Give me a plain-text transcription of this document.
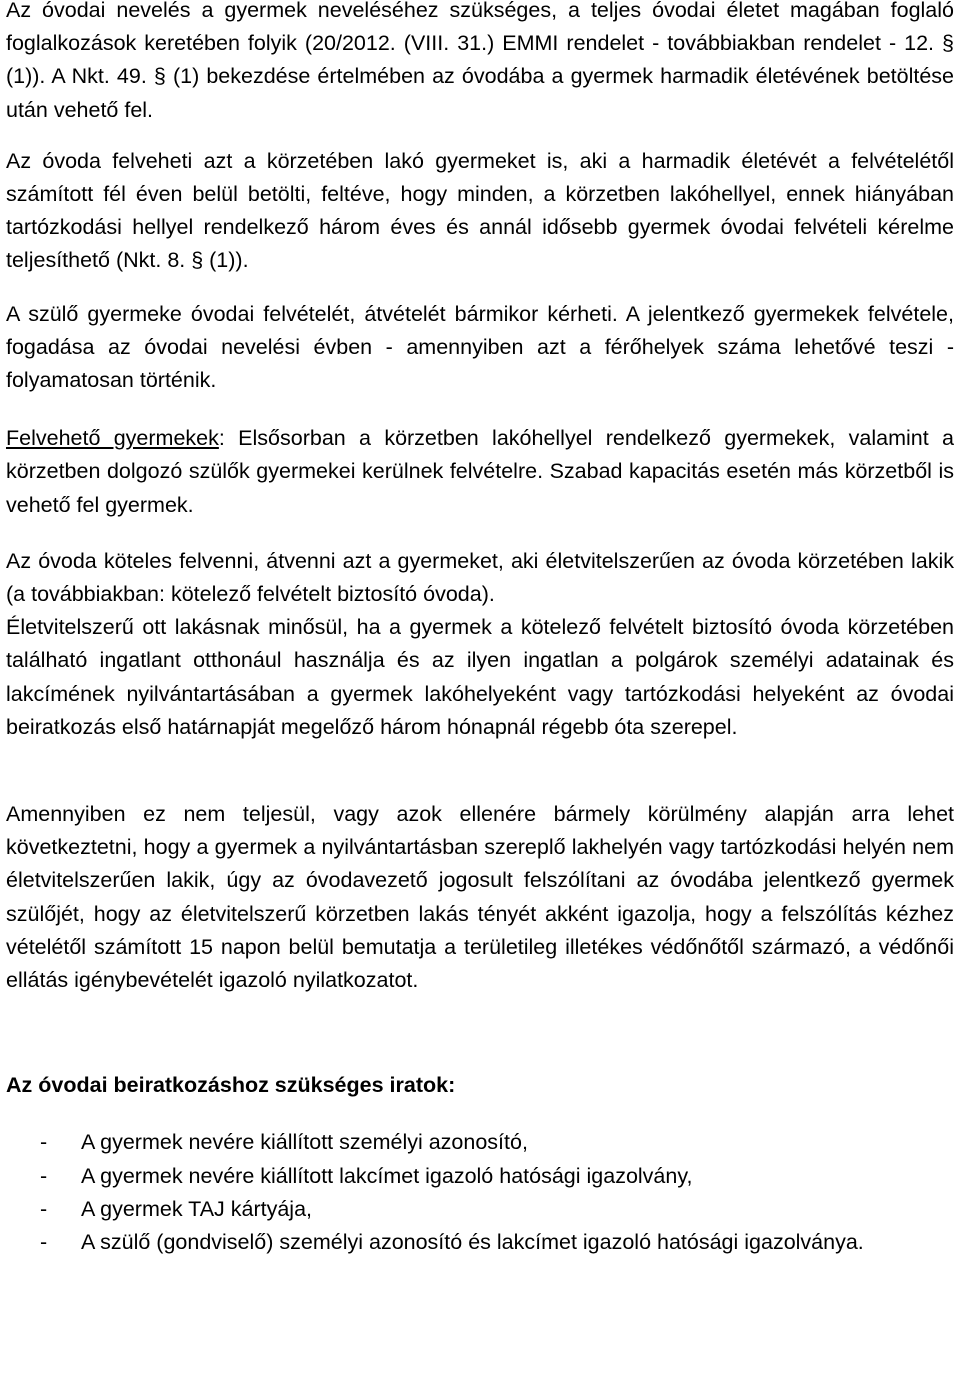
Az óvodai nevelés a gyermek neveléséhez szükséges, a teljes óvodai életet magában foglaló foglalkozások keretében folyik (20/2012. (VIII. 31.) EMMI rendelet - továbbiakban rendelet - 12. § (1)). A Nkt. 49. § (1) bekezdése értelmében az óvodába a gyermek harmadik életévének betöltése után vehető fel.

Az óvoda felveheti azt a körzetében lakó gyermeket is, aki a harmadik életévét a felvételétől számított fél éven belül betölti, feltéve, hogy minden, a körzetben lakóhellyel, ennek hiányában tartózkodási hellyel rendelkező három éves és annál idősebb gyermek óvodai felvételi kérelme teljesíthető (Nkt. 8. § (1)).

A szülő gyermeke óvodai felvételét, átvételét bármikor kérheti. A jelentkező gyermekek felvétele, fogadása az óvodai nevelési évben - amennyiben azt a férőhelyek száma lehetővé teszi - folyamatosan történik.

Felvehető gyermekek: Elsősorban a körzetben lakóhellyel rendelkező gyermekek, valamint a körzetben dolgozó szülők gyermekei kerülnek felvételre. Szabad kapacitás esetén más körzetből is vehető fel gyermek.

Az óvoda köteles felvenni, átvenni azt a gyermeket, aki életvitelszerűen az óvoda körzetében lakik (a továbbiakban: kötelező felvételt biztosító óvoda).

Életvitelszerű ott lakásnak minősül, ha a gyermek a kötelező felvételt biztosító óvoda körzetében található ingatlant otthonául használja és az ilyen ingatlan a polgárok személyi adatainak és lakcímének nyilvántartásában a gyermek lakóhelyeként vagy tartózkodási helyeként az óvodai beiratkozás első határnapját megelőző három hónapnál régebb óta szerepel.

Amennyiben ez nem teljesül, vagy azok ellenére bármely körülmény alapján arra lehet következtetni, hogy a gyermek a nyilvántartásban szereplő lakhelyén vagy tartózkodási helyén nem életvitelszerűen lakik, úgy az óvodavezető jogosult felszólítani az óvodába jelentkező gyermek szülőjét, hogy az életvitelszerű körzetben lakás tényét akként igazolja, hogy a felszólítás kézhez vételétől számított 15 napon belül bemutatja a területileg illetékes védőnőtől származó, a védőnői ellátás igénybevételét igazoló nyilatkozatot.

Az óvodai beiratkozáshoz szükséges iratok:

- A gyermek nevére kiállított személyi azonosító,
- A gyermek nevére kiállított lakcímet igazoló hatósági igazolvány,
- A gyermek TAJ kártyája,
- A szülő (gondviselő) személyi azonosító és lakcímet igazoló hatósági igazolványa.
